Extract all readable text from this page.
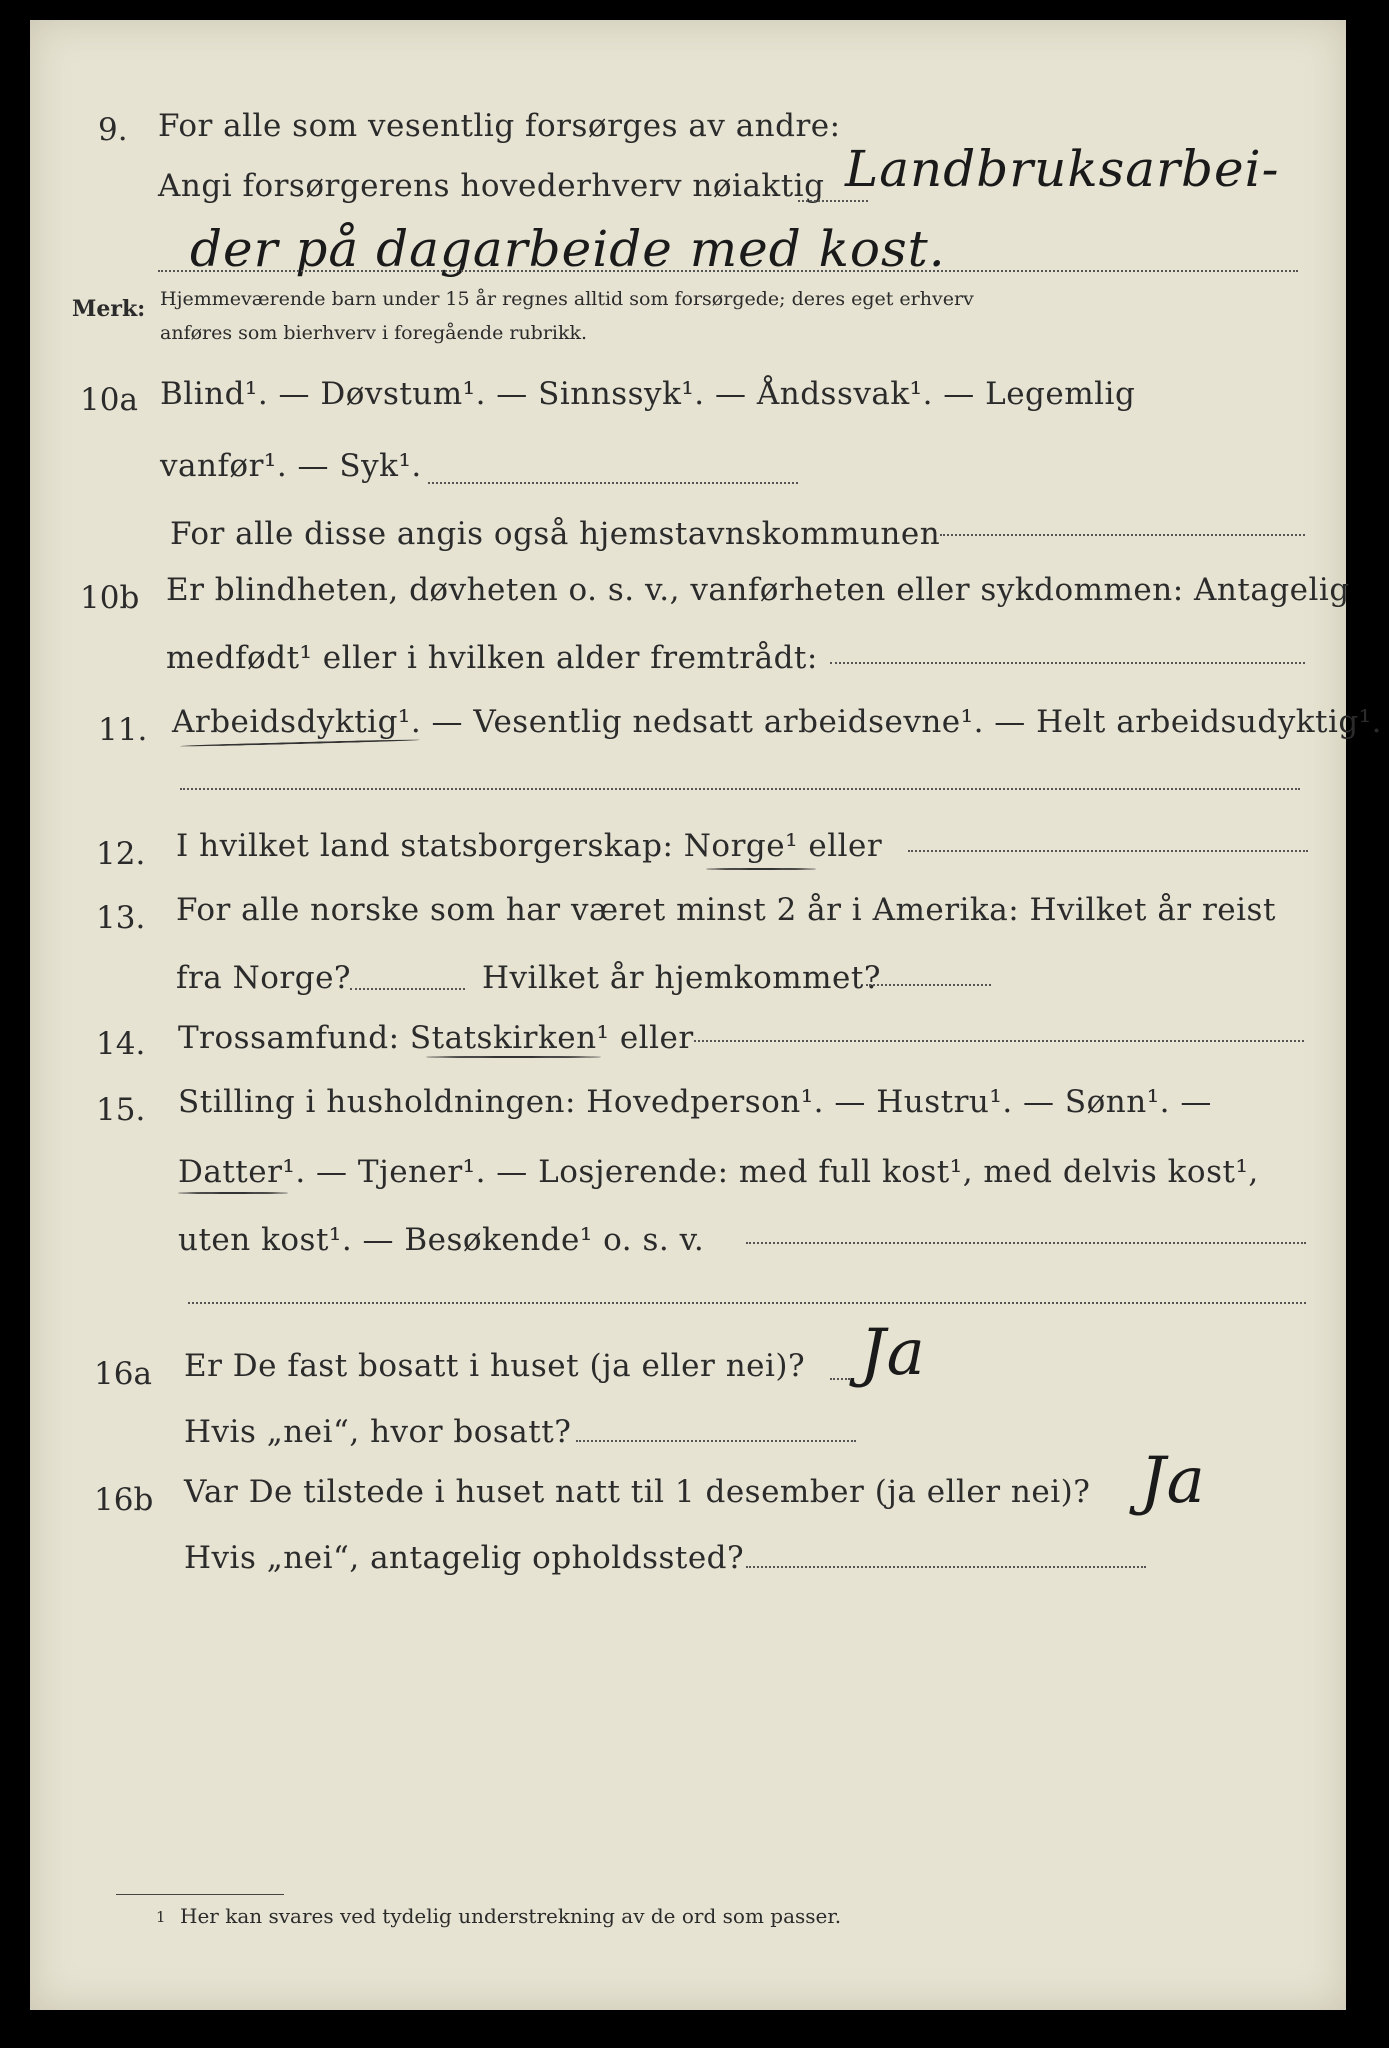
9. For alle som vesentlig forsørges av andre:
Angi forsørgerens hovederhverv nøiaktig Landbruksarbei-
der på dagarbeide med kost.
Merk: Hjemmeværende barn under 15 år regnes alltid som forsørgede; deres eget erhverv
anføres som bierhverv i foregående rubrikk.
10a Blind¹. — Døvstum¹. — Sinnssyk¹. — Åndssvak¹. — Legemlig
vanfør¹. — Syk¹.
For alle disse angis også hjemstavnskommunen
10b Er blindheten, døvheten o. s. v., vanførheten eller sykdommen: Antagelig
medfødt¹ eller i hvilken alder fremtrådt:
11. Arbeidsdyktig¹. — Vesentlig nedsatt arbeidsevne¹. — Helt arbeidsudyktig¹.
12. I hvilket land statsborgerskap: Norge¹ eller
13. For alle norske som har været minst 2 år i Amerika: Hvilket år reist
fra Norge?	Hvilket år hjemkommet?
14. Trossamfund: Statskirken¹ eller
15. Stilling i husholdningen: Hovedperson¹. — Hustru¹. — Sønn¹. —
Datter¹. — Tjener¹. — Losjerende: med full kost¹, med delvis kost¹,
uten kost¹. — Besøkende¹ o. s. v.
16a Er De fast bosatt i huset (ja eller nei)? Ja
Hvis „nei“, hvor bosatt?
16b Var De tilstede i huset natt til 1 desember (ja eller nei)? Ja
Hvis „nei“, antagelig opholdssted?
1 Her kan svares ved tydelig understrekning av de ord som passer.
